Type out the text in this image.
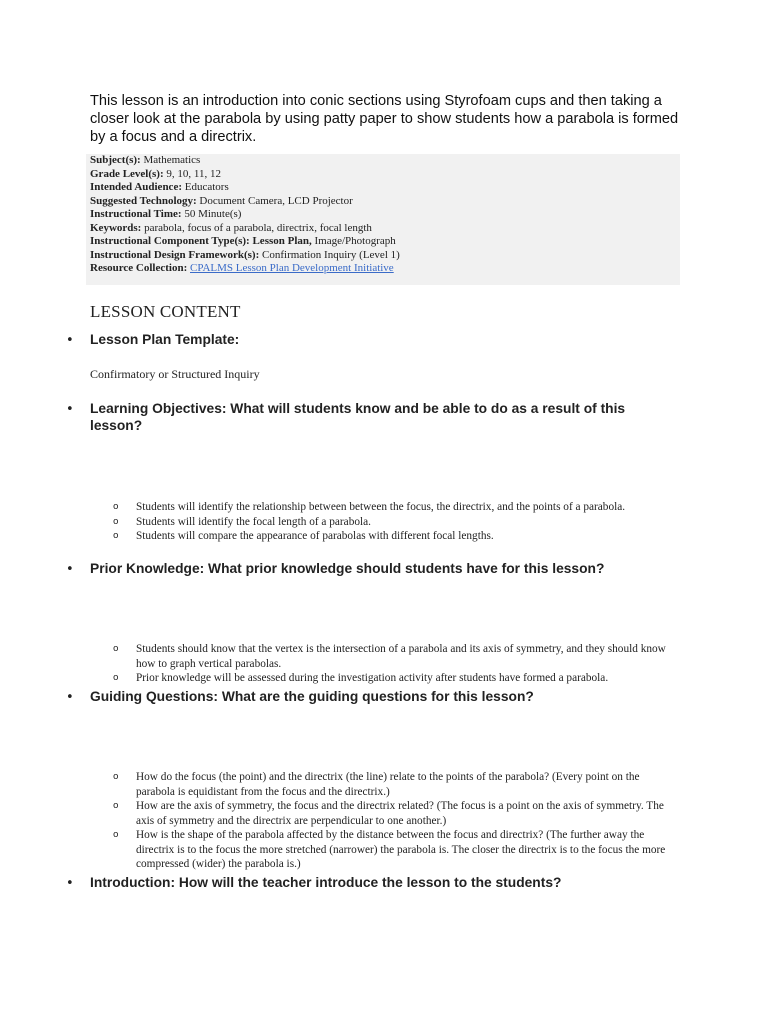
This lesson is an introduction into conic sections using Styrofoam cups and then taking a closer look at the parabola by using patty paper to show students how a parabola is formed by a focus and a directrix.

Subject(s): Mathematics
Grade Level(s): 9, 10, 11, 12
Intended Audience: Educators
Suggested Technology: Document Camera, LCD Projector
Instructional Time: 50 Minute(s)
Keywords: parabola, focus of a parabola, directrix, focal length
Instructional Component Type(s): Lesson Plan, Image/Photograph
Instructional Design Framework(s): Confirmation Inquiry (Level 1)
Resource Collection: CPALMS Lesson Plan Development Initiative
LESSON CONTENT
• Lesson Plan Template:

Confirmatory or Structured Inquiry

• Learning Objectives: What will students know and be able to do as a result of this lesson?
o Students will identify the relationship between between the focus, the directrix, and the points of a parabola.
o Students will identify the focal length of a parabola.
o Students will compare the appearance of parabolas with different focal lengths.
• Prior Knowledge: What prior knowledge should students have for this lesson?
o Students should know that the vertex is the intersection of a parabola and its axis of symmetry, and they should know how to graph vertical parabolas.
o Prior knowledge will be assessed during the investigation activity after students have formed a parabola.
• Guiding Questions: What are the guiding questions for this lesson?
o How do the focus (the point) and the directrix (the line) relate to the points of the parabola? (Every point on the parabola is equidistant from the focus and the directrix.)
o How are the axis of symmetry, the focus and the directrix related? (The focus is a point on the axis of symmetry. The axis of symmetry and the directrix are perpendicular to one another.)
o How is the shape of the parabola affected by the distance between the focus and directrix? (The further away the directrix is to the focus the more stretched (narrower) the parabola is. The closer the directrix is to the focus the more compressed (wider) the parabola is.)
• Introduction: How will the teacher introduce the lesson to the students?
